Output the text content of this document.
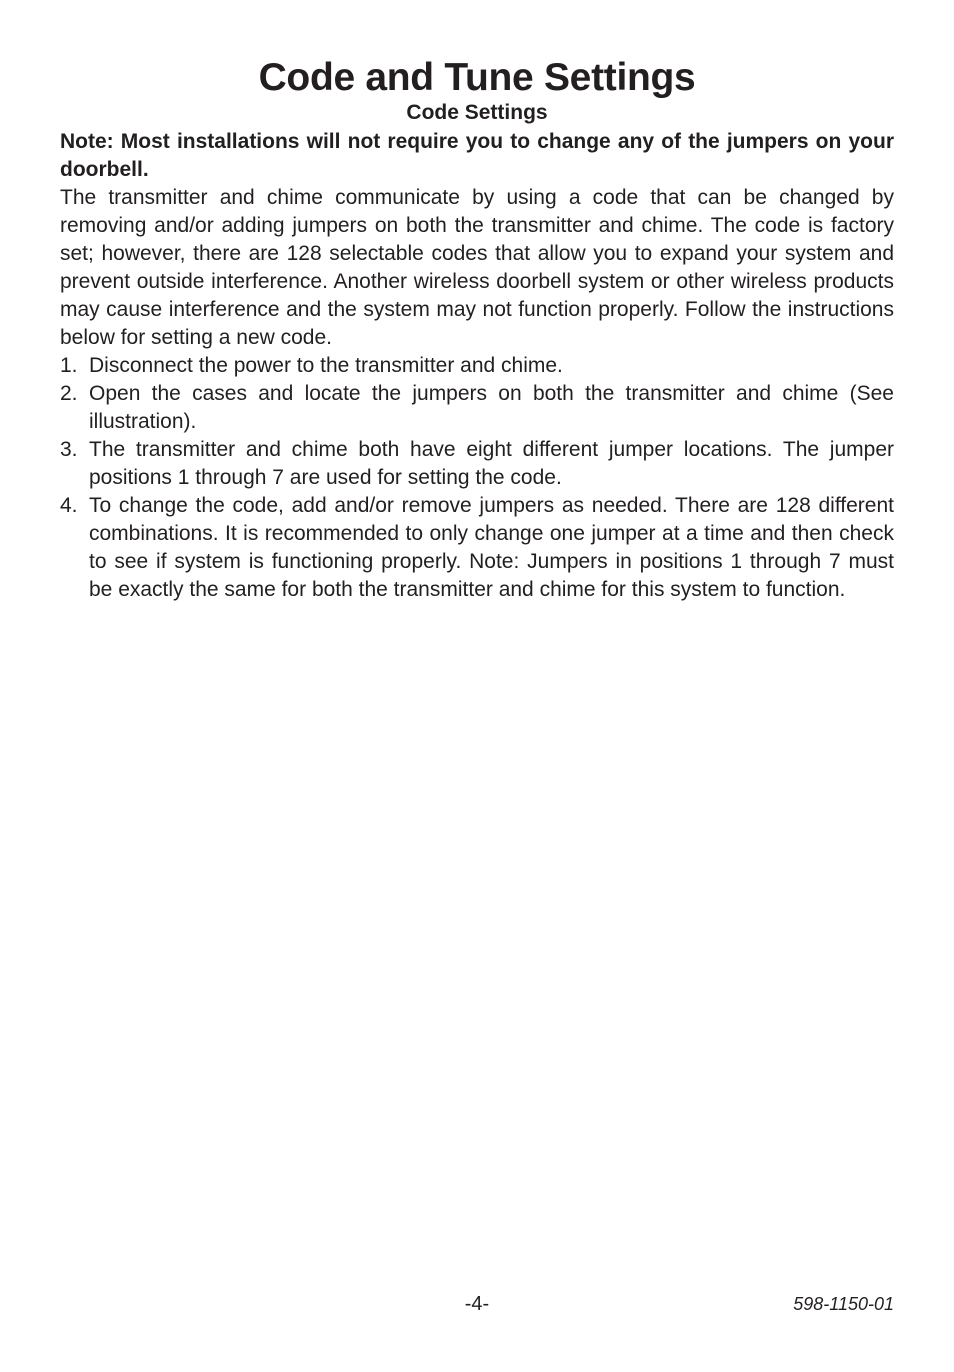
Code and Tune Settings
Code Settings

Note: Most installations will not require you to change any of the jumpers on your doorbell.

The transmitter and chime communicate by using a code that can be changed by removing and/or adding jumpers on both the transmitter and chime. The code is factory set; however, there are 128 selectable codes that allow you to expand your system and prevent outside interference. Another wireless doorbell system or other wireless products may cause interference and the system may not function properly. Follow the instructions below for setting a new code.

1. Disconnect the power to the transmitter and chime.
2. Open the cases and locate the jumpers on both the transmitter and chime (See illustration).
3. The transmitter and chime both have eight different jumper locations. The jumper positions 1 through 7 are used for setting the code.
4. To change the code, add and/or remove jumpers as needed. There are 128 different combinations. It is recommended to only change one jumper at a time and then check to see if system is functioning properly. Note: Jumpers in positions 1 through 7 must be exactly the same for both the transmitter and chime for this system to function.
-4-	598-1150-01
